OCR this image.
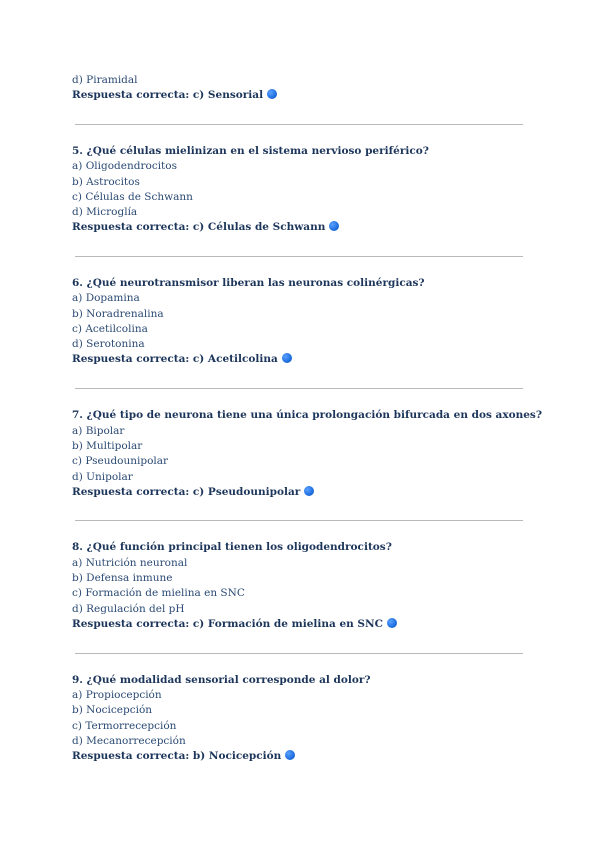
d) Piramidal
Respuesta correcta: c) Sensorial
5. ¿Qué células mielinizan en el sistema nervioso periférico?
a) Oligodendrocitos
b) Astrocitos
c) Células de Schwann
d) Microglía
Respuesta correcta: c) Células de Schwann
6. ¿Qué neurotransmisor liberan las neuronas colinérgicas?
a) Dopamina
b) Noradrenalina
c) Acetilcolina
d) Serotonina
Respuesta correcta: c) Acetilcolina
7. ¿Qué tipo de neurona tiene una única prolongación bifurcada en dos axones?
a) Bipolar
b) Multipolar
c) Pseudounipolar
d) Unipolar
Respuesta correcta: c) Pseudounipolar
8. ¿Qué función principal tienen los oligodendrocitos?
a) Nutrición neuronal
b) Defensa inmune
c) Formación de mielina en SNC
d) Regulación del pH
Respuesta correcta: c) Formación de mielina en SNC
9. ¿Qué modalidad sensorial corresponde al dolor?
a) Propiocepción
b) Nocicepción
c) Termorrecepción
d) Mecanorrecepción
Respuesta correcta: b) Nocicepción
